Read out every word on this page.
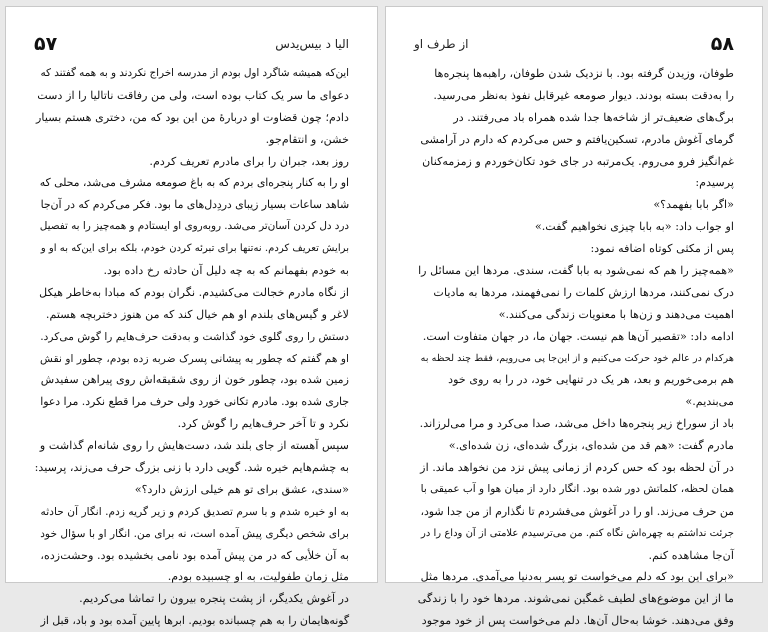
الیا د بیس‌یدس
۵۷
این‌که همیشه شاگرد اول بودم از مدرسه اخراج نکردند و به همه گفتند که
دعوای ما سر یک کتاب بوده است، ولی من رفاقت ناتالیا را از دست
دادم؛ چون قضاوت او دربارهٔ من این بود که من، دختری هستم بسیار
خشن، و انتقام‌جو.
روز بعد، جبران را برای مادرم تعریف کردم.
او را به کنار پنجره‌ای بردم که به باغ صومعه مشرف می‌شد، محلی که
شاهد ساعات بسیار زیبای دردِدل‌های ما بود. فکر می‌کردم که در آن‌جا
درد دل کردن آسان‌تر می‌شد. روبه‌روی او ایستادم و همه‌چیز را به تفصیل
برایش تعریف کردم. نه‌تنها برای تبرئه کردن خودم، بلکه برای این‌که به او و
به خودم بفهمانم که به چه دلیل آن حادثه رخ داده بود.
از نگاه مادرم خجالت می‌کشیدم. نگران بودم که مبادا به‌خاطر هیکل
لاغر و گیس‌های بلندم او هم خیال کند که من هنوز دختربچه هستم.
دستش را روی گلوی خود گذاشت و به‌دقت حرف‌هایم را گوش می‌کرد.
او هم گفتم که چطور به پیشانی پسرک ضربه زده بودم، چطور او نقش
زمین شده بود، چطور خون از روی شقیقه‌اش روی پیراهن سفیدش
جاری شده بود. مادرم تکانی خورد ولی حرف مرا قطع نکرد. مرا دعوا
نکرد و تا آخر حرف‌هایم را گوش کرد.
سپس آهسته از جای بلند شد، دست‌هایش را روی شانه‌ام گذاشت و
به چشم‌هایم خیره شد. گویی دارد با زنی بزرگ حرف می‌زند، پرسید:
«سندی، عشق برای تو هم خیلی ارزش دارد؟»
به او خیره شدم و با سرم تصدیق کردم و زیر گریه زدم. انگار آن حادثه
برای شخص دیگری پیش آمده است، نه برای من. انگار او با سؤال خود
به آن خلأیی که در من پیش آمده بود نامی بخشیده بود. وحشت‌زده،
مثل زمان طفولیت، به او چسبیده بودم.
در آغوش یکدیگر، از پشت پنجره بیرون را تماشا می‌کردیم.
گونه‌هایمان را به هم چسبانده بودیم. ابرها پایین آمده بود و باد، قبل از
۵۸
از طرف او
طوفان، وزیدن گرفته بود. با نزدیک شدن طوفان، راهبه‌ها پنجره‌ها
را به‌دقت بسته بودند. دیوار صومعه غیرقابل نفوذ به‌نظر می‌رسید.
برگ‌های ضعیف‌تر از شاخه‌ها جدا شده همراه باد می‌رفتند. در
گرمای آغوش مادرم، تسکین‌یافتم و حس می‌کردم که دارم در آرامشی
غم‌انگیز فرو می‌روم. یک‌مرتبه در جای خود تکان‌خوردم و زمزمه‌کنان
پرسیدم:
«اگر بابا بفهمد؟»
او جواب داد: «به بابا چیزی نخواهیم گفت.»
پس از مکثی کوتاه اضافه نمود:
«همه‌چیز را هم که نمی‌شود به بابا گفت، سندی. مردها این مسائل را
درک نمی‌کنند، مردها ارزش کلمات را نمی‌فهمند، مردها به مادیات
اهمیت می‌دهند و زن‌ها با معنویات زندگی می‌کنند.»
ادامه داد: «تقصیر آن‌ها هم نیست. جهان ما، در جهان متفاوت است.
هرکدام در عالم خود حرکت می‌کنیم و از این‌جا پی می‌رویم، فقط چند لحظه به
هم برمی‌خوریم و بعد، هر یک در تنهایی خود، در را به روی خود
می‌بندیم.»
باد از سوراخ زیر پنجره‌ها داخل می‌شد، صدا می‌کرد و مرا می‌لرزاند.
مادرم گفت: «هم قد من شده‌ای، بزرگ شده‌ای، زن شده‌ای.»
در آن لحظه بود که حس کردم از زمانی پیش نزد من نخواهد ماند. از
همان لحظه، کلماتش دور شده بود. انگار دارد از میان هوا و آب عمیقی با
من حرف می‌زند. او را در آغوش می‌فشردم تا نگذارم از من جدا شود،
جرئت نداشتم به چهره‌اش نگاه کنم. من می‌ترسیدم علامتی از آن وداع را در
آن‌جا مشاهده کنم.
«برای این بود که دلم می‌خواست تو پسر به‌دنیا می‌آمدی. مردها مثل
ما از این موضوع‌های لطیف غمگین نمی‌شوند. مردها خود را با زندگی
وفق می‌دهند. خوشا به‌حال آن‌ها. دلم می‌خواست پس از خود موجود
